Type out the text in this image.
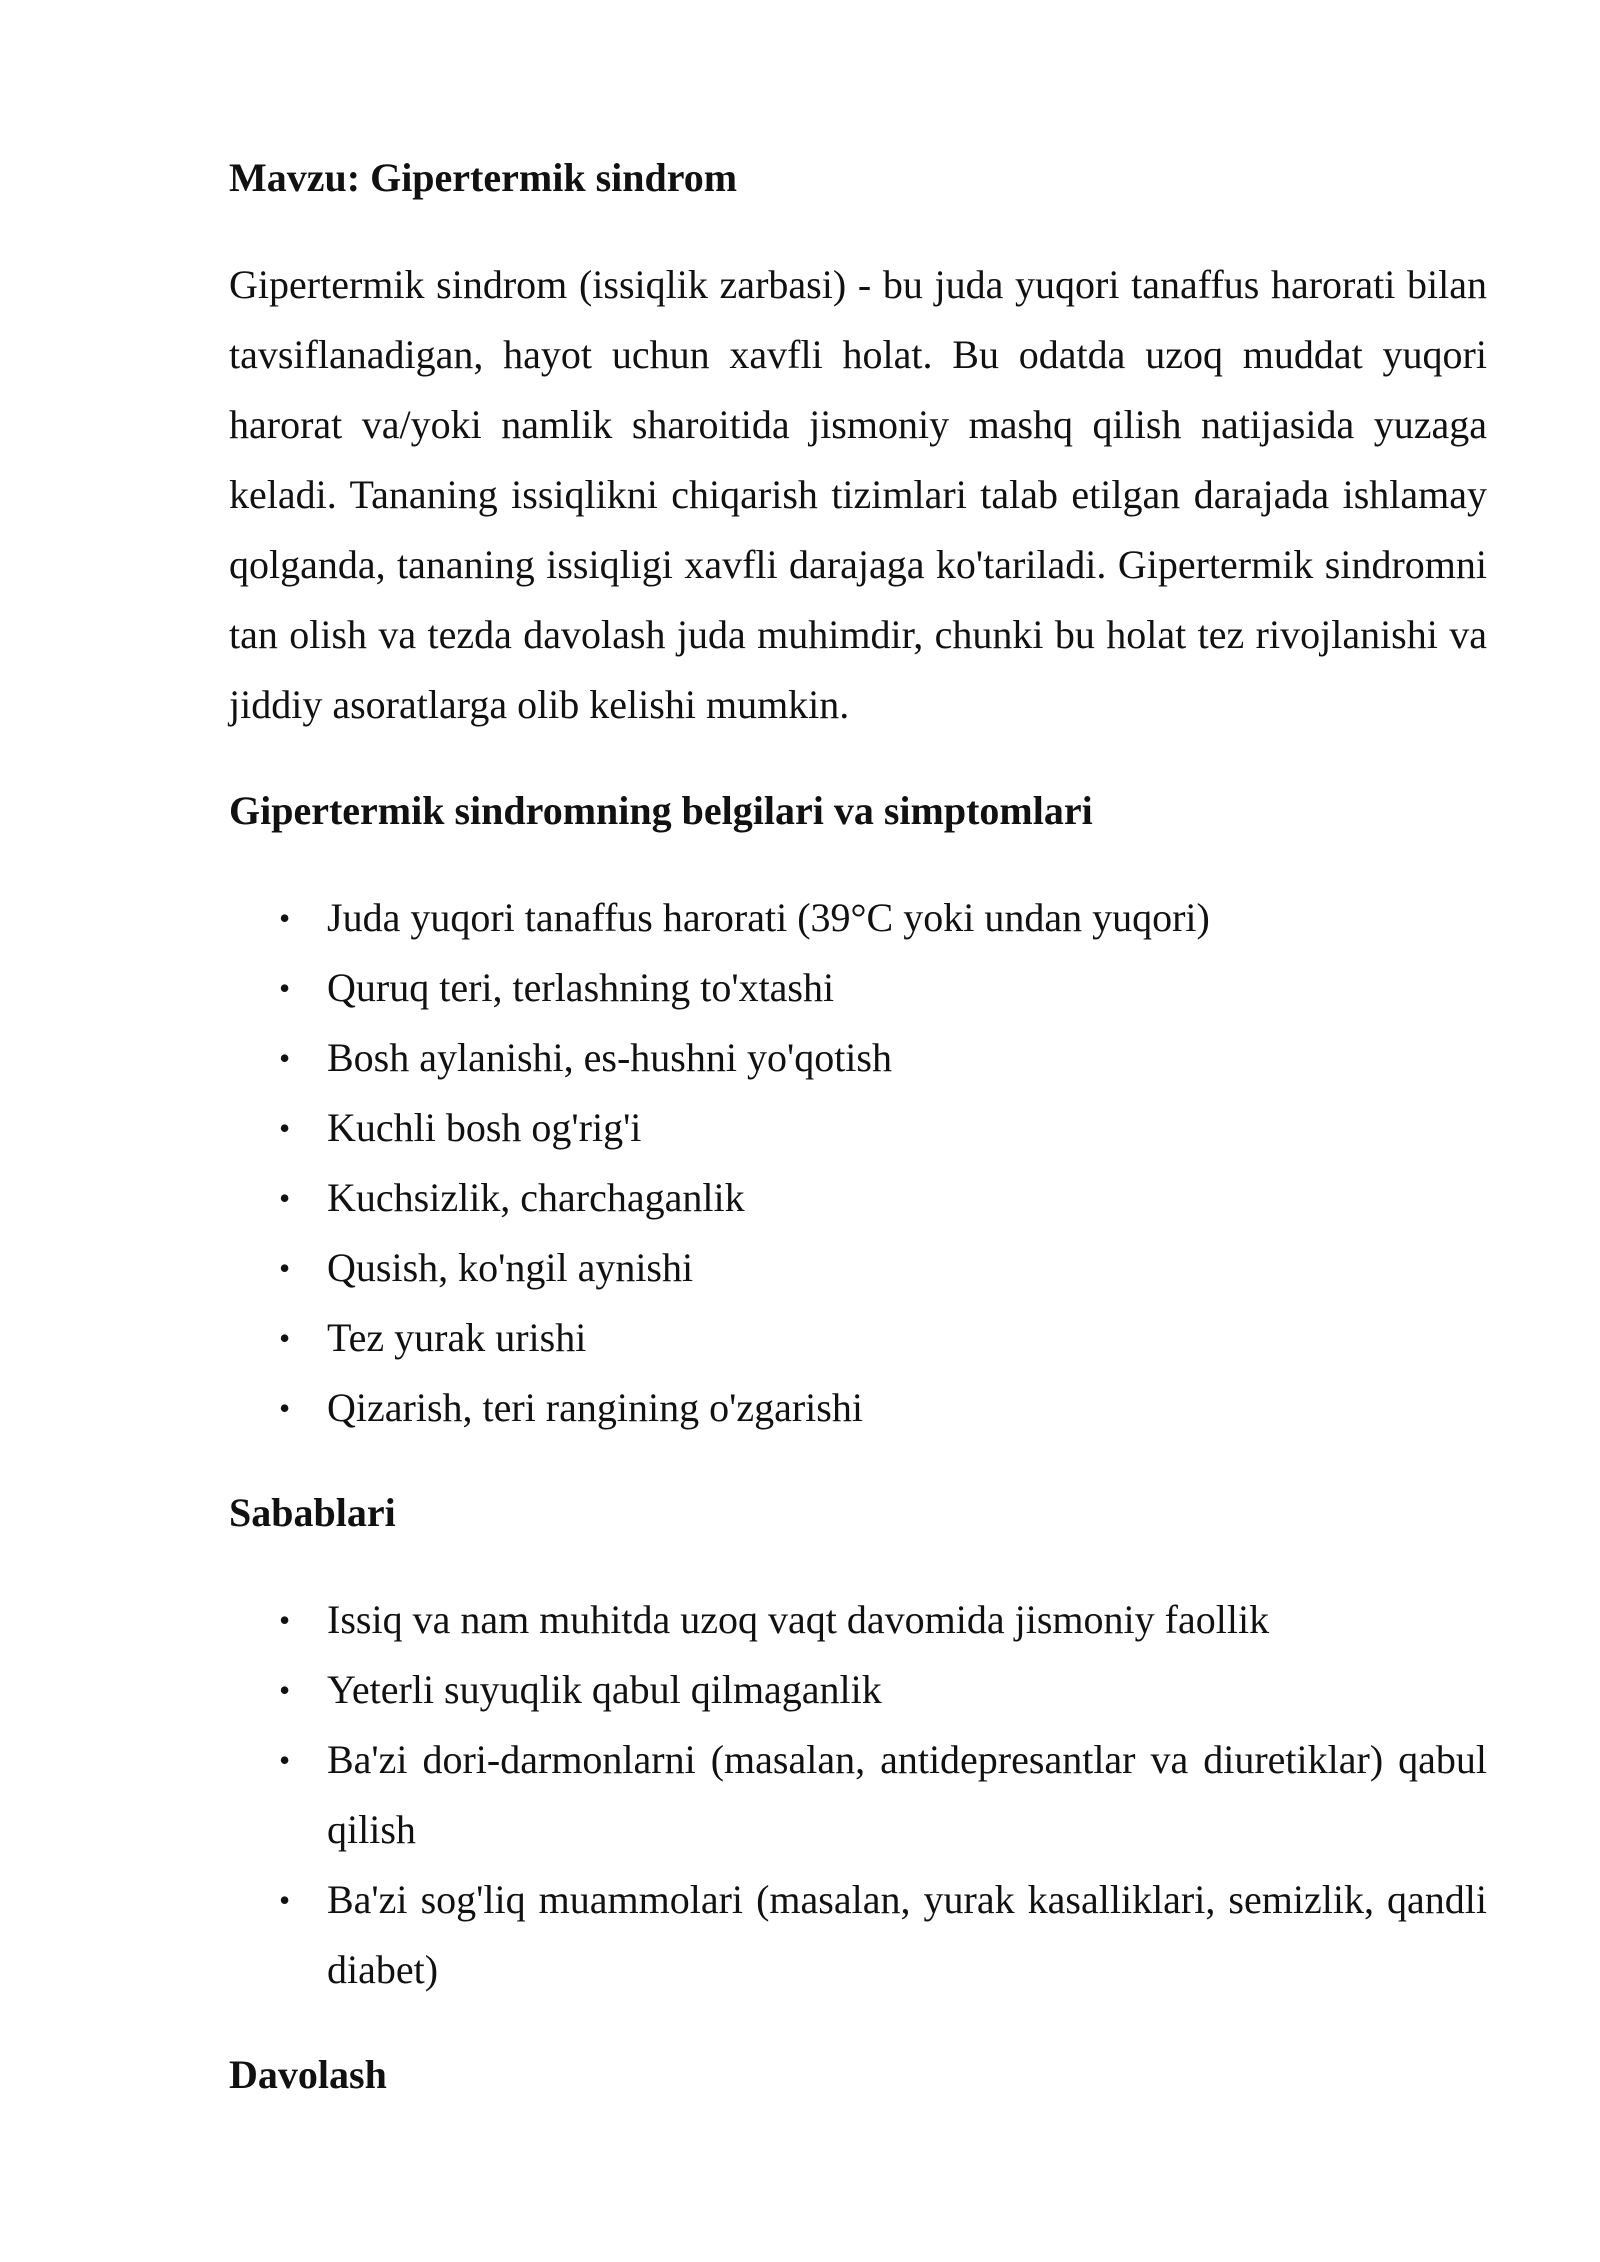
Mavzu: Gipertermik sindrom

Gipertermik sindrom (issiqlik zarbasi) - bu juda yuqori tanaffus harorati bilan tavsiflanadigan, hayot uchun xavfli holat. Bu odatda uzoq muddat yuqori harorat va/yoki namlik sharoitida jismoniy mashq qilish natijasida yuzaga keladi. Tananing issiqlikni chiqarish tizimlari talab etilgan darajada ishlamay qolganda, tananing issiqligi xavfli darajaga ko'tariladi. Gipertermik sindromni tan olish va tezda davolash juda muhimdir, chunki bu holat tez rivojlanishi va jiddiy asoratlarga olib kelishi mumkin.

Gipertermik sindromning belgilari va simptomlari
• Juda yuqori tanaffus harorati (39°C yoki undan yuqori)
• Quruq teri, terlashning to'xtashi
• Bosh aylanishi, es-hushni yo'qotish
• Kuchli bosh og'rig'i
• Kuchsizlik, charchaganlik
• Qusish, ko'ngil aynishi
• Tez yurak urishi
• Qizarish, teri rangining o'zgarishi
Sabablari
• Issiq va nam muhitda uzoq vaqt davomida jismoniy faollik
• Yeterli suyuqlik qabul qilmaganlik
• Ba'zi dori-darmonlarni (masalan, antidepresantlar va diuretiklar) qabul qilish
• Ba'zi sog'liq muammolari (masalan, yurak kasalliklari, semizlik, qandli diabet)
Davolash
